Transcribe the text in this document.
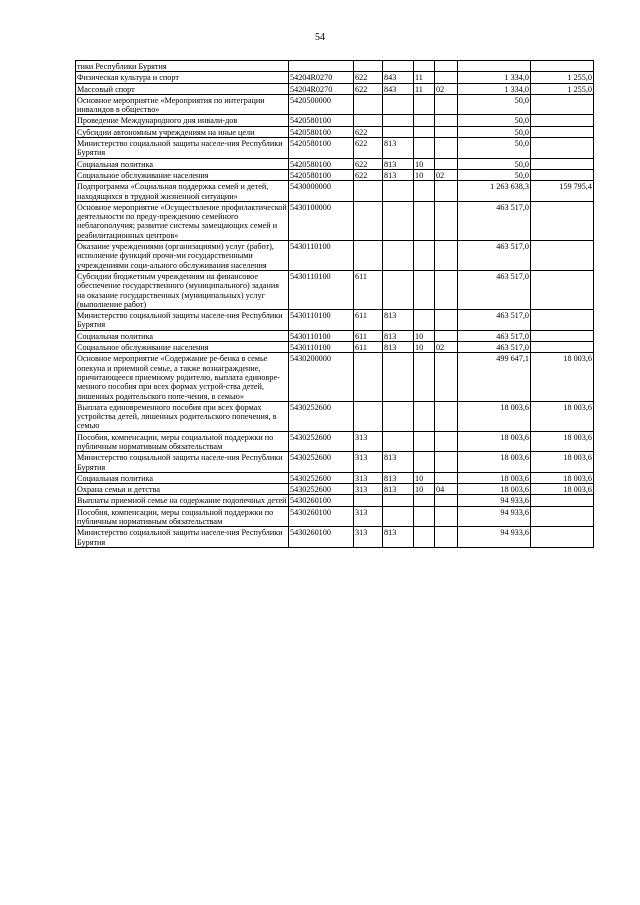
54
тики Республики Бурятия							
Физическая культура и спорт	54204R0270	622	843	11		1 334,0	1 255,0
Массовый спорт	54204R0270	622	843	11	02	1 334,0	1 255,0
Основное мероприятие «Мероприятия по интеграции инвалидов в общество»	5420500000					50,0	
Проведение Международного дня инвали-дов	5420580100					50,0	
Субсидии автономным учреждениям на иные цели	5420580100	622				50,0	
Министерство социальной защиты населе-ния Республики Бурятия	5420580100	622	813			50,0	
Социальная политика	5420580100	622	813	10		50,0	
Социальное обслуживание населения	5420580100	622	813	10	02	50,0	
Подпрограмма «Социальная поддержка семей и детей, находящихся в трудной жизненной ситуации»	5430000000					1 263 638,3	159 795,4
Основное мероприятие «Осуществление профилактической деятельности по преду-преждению семейного неблагополучия; развитие системы замещающих семей и реабилитационных центров»	5430100000					463 517,0	
Оказание учреждениями (организациями) услуг (работ), исполнение функций прочи-ми государственными учреждениями соци-ального обслуживания населения	5430110100					463 517,0	
Субсидии бюджетным учреждениям на финансовое обеспечение государственного (муниципального) задания на оказание государственных (муниципальных) услуг (выполнение работ)	5430110100	611				463 517,0	
Министерство социальной защиты населе-ния Республики Бурятия	5430110100	611	813			463 517,0	
Социальная политика	5430110100	611	813	10		463 517,0	
Социальное обслуживание населения	5430110100	611	813	10	02	463 517,0	
Основное мероприятие «Содержание ре-бенка в семье опекуна и приемной семье, а также вознаграждение, причитающееся приемному родителю, выплата единовре-менного пособия при всех формах устрой-ства детей, лишенных родительского попе-чения, в семью»	5430200000					499 647,1	18 003,6
Выплата единовременного пособия при всех формах устройства детей, лишенных родительского попечения, в семью	5430252600					18 003,6	18 003,6
Пособия, компенсации, меры социальной поддержки по публичным нормативным обязательствам	5430252600	313				18 003,6	18 003,6
Министерство социальной защиты населе-ния Республики Бурятия	5430252600	313	813			18 003,6	18 003,6
Социальная политика	5430252600	313	813	10		18 003,6	18 003,6
Охрана семьи и детства	5430252600	313	813	10	04	18 003,6	18 003,6
Выплаты приемной семье на содержание подопечных детей	5430260100					94 933,6	
Пособия, компенсации, меры социальной поддержки по публичным нормативным обязательствам	5430260100	313				94 933,6	
Министерство социальной защиты населе-ния Республики Бурятия	5430260100	313	813			94 933,6	
